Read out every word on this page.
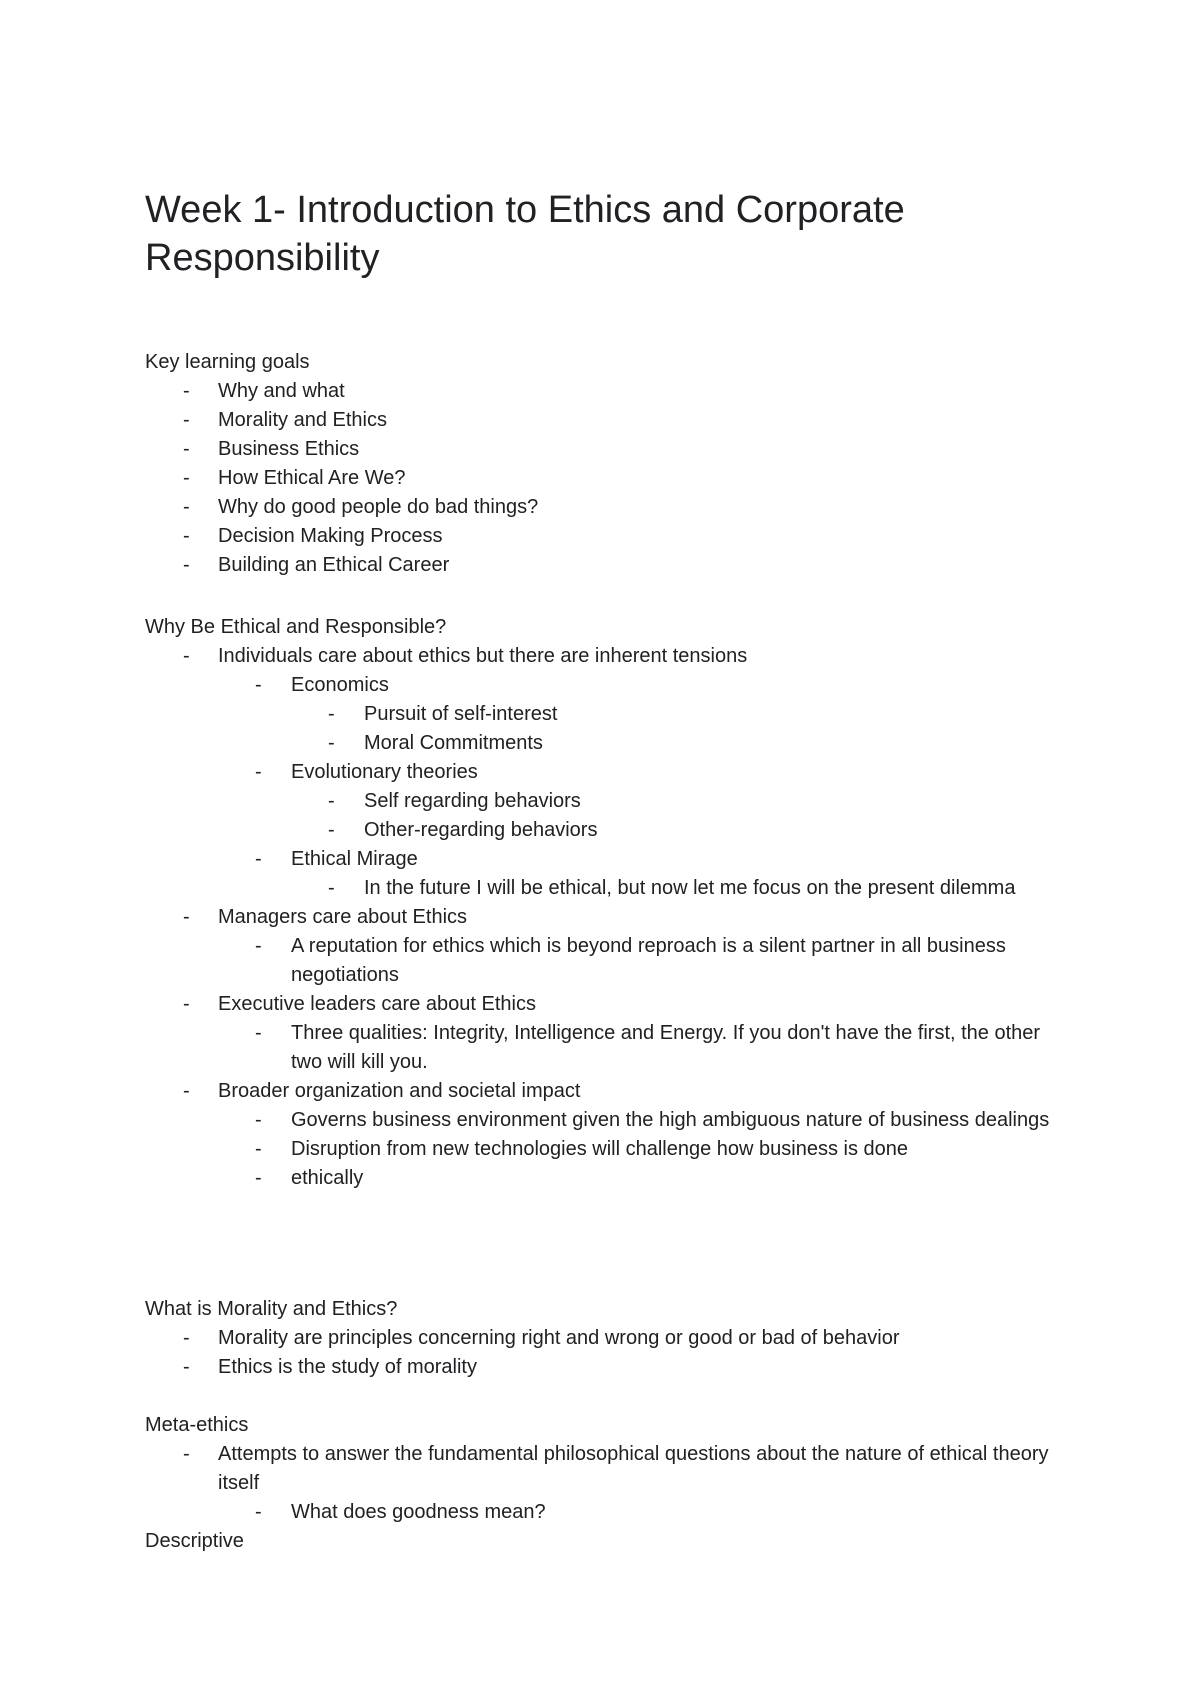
Week 1- Introduction to Ethics and Corporate Responsibility
Key learning goals
- Why and what
- Morality and Ethics
- Business Ethics
- How Ethical Are We?
- Why do good people do bad things?
- Decision Making Process
- Building an Ethical Career
Why Be Ethical and Responsible?
- Individuals care about ethics but there are inherent tensions
- Economics
- Pursuit of self-interest
- Moral Commitments
- Evolutionary theories
- Self regarding behaviors
- Other-regarding behaviors
- Ethical Mirage
- In the future I will be ethical, but now let me focus on the present dilemma
- Managers care about Ethics
- A reputation for ethics which is beyond reproach is a silent partner in all business negotiations
- Executive leaders care about Ethics
- Three qualities: Integrity, Intelligence and Energy. If you don't have the first, the other two will kill you.
- Broader organization and societal impact
- Governs business environment given the high ambiguous nature of business dealings
- Disruption from new technologies will challenge how business is done
- ethically
What is Morality and Ethics?
- Morality are principles concerning right and wrong or good or bad of behavior
- Ethics is the study of morality
Meta-ethics
- Attempts to answer the fundamental philosophical questions about the nature of ethical theory itself
- What does goodness mean?
Descriptive
